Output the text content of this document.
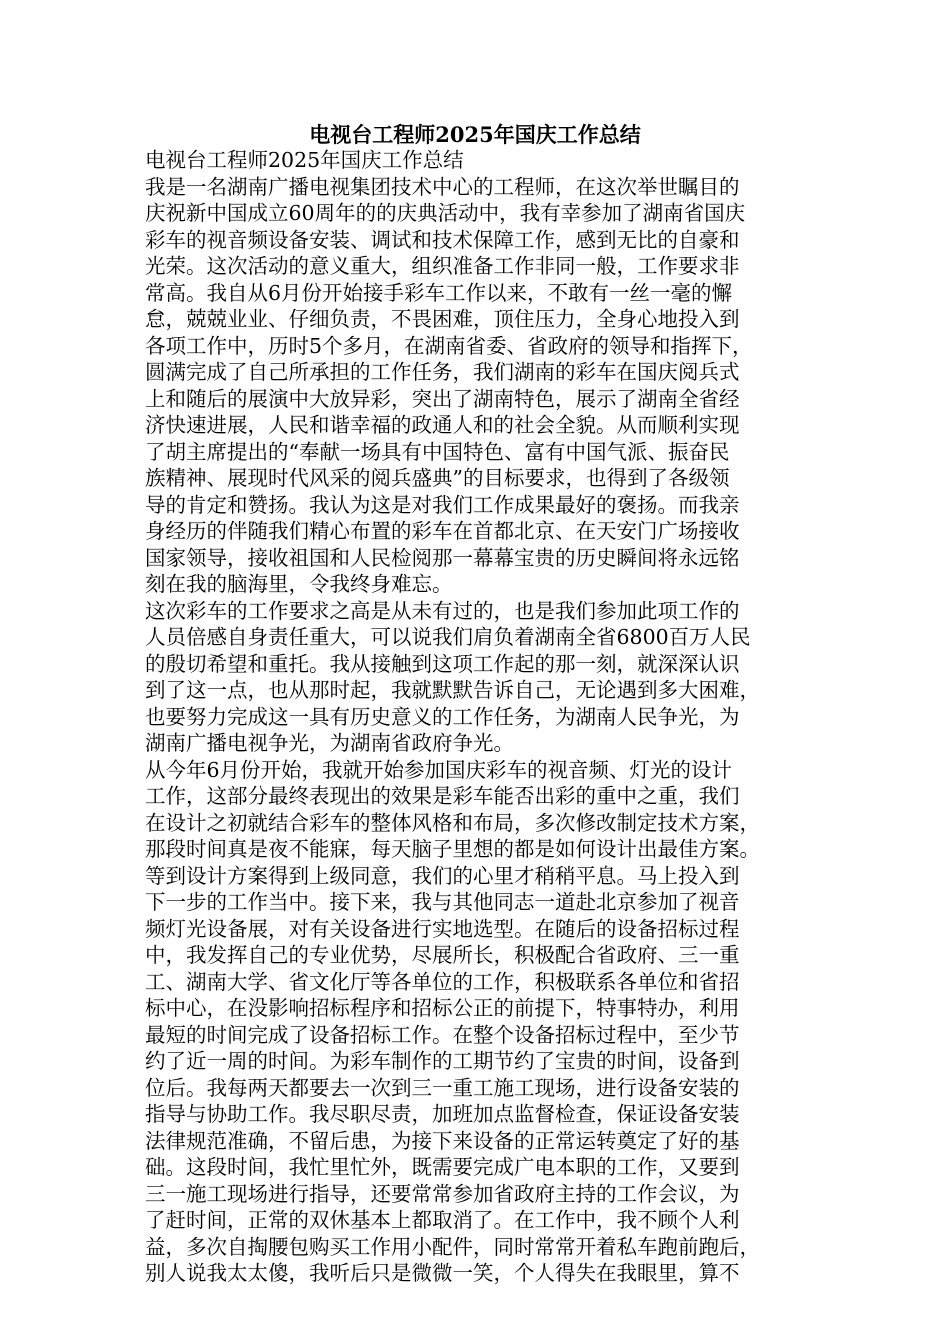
电视台工程师2025年国庆工作总结
电视台工程师2025年国庆工作总结
我是一名湖南广播电视集团技术中心的工程师，在这次举世瞩目的
庆祝新中国成立60周年的的庆典活动中，我有幸参加了湖南省国庆
彩车的视音频设备安装、调试和技术保障工作，感到无比的自豪和
光荣。这次活动的意义重大，组织准备工作非同一般，工作要求非
常高。我自从6月份开始接手彩车工作以来，不敢有一丝一毫的懈
怠，兢兢业业、仔细负责，不畏困难，顶住压力，全身心地投入到
各项工作中，历时5个多月，在湖南省委、省政府的领导和指挥下，
圆满完成了自己所承担的工作任务，我们湖南的彩车在国庆阅兵式
上和随后的展演中大放异彩，突出了湖南特色，展示了湖南全省经
济快速进展，人民和谐幸福的政通人和的社会全貌。从而顺利实现
了胡主席提出的“奉献一场具有中国特色、富有中国气派、振奋民
族精神、展现时代风采的阅兵盛典”的目标要求，也得到了各级领
导的肯定和赞扬。我认为这是对我们工作成果最好的褒扬。而我亲
身经历的伴随我们精心布置的彩车在首都北京、在天安门广场接收
国家领导，接收祖国和人民检阅那一幕幕宝贵的历史瞬间将永远铭
刻在我的脑海里，令我终身难忘。
这次彩车的工作要求之高是从未有过的，也是我们参加此项工作的
人员倍感自身责任重大，可以说我们肩负着湖南全省6800百万人民
的殷切希望和重托。我从接触到这项工作起的那一刻，就深深认识
到了这一点，也从那时起，我就默默告诉自己，无论遇到多大困难，
也要努力完成这一具有历史意义的工作任务，为湖南人民争光，为
湖南广播电视争光，为湖南省政府争光。
从今年6月份开始，我就开始参加国庆彩车的视音频、灯光的设计
工作，这部分最终表现出的效果是彩车能否出彩的重中之重，我们
在设计之初就结合彩车的整体风格和布局，多次修改制定技术方案，
那段时间真是夜不能寐，每天脑子里想的都是如何设计出最佳方案。
等到设计方案得到上级同意，我们的心里才稍稍平息。马上投入到
下一步的工作当中。接下来，我与其他同志一道赴北京参加了视音
频灯光设备展，对有关设备进行实地选型。在随后的设备招标过程
中，我发挥自己的专业优势，尽展所长，积极配合省政府、三一重
工、湖南大学、省文化厅等各单位的工作，积极联系各单位和省招
标中心，在没影响招标程序和招标公正的前提下，特事特办，利用
最短的时间完成了设备招标工作。在整个设备招标过程中，至少节
约了近一周的时间。为彩车制作的工期节约了宝贵的时间，设备到
位后。我每两天都要去一次到三一重工施工现场，进行设备安装的
指导与协助工作。我尽职尽责，加班加点监督检查，保证设备安装
法律规范准确，不留后患，为接下来设备的正常运转奠定了好的基
础。这段时间，我忙里忙外，既需要完成广电本职的工作，又要到
三一施工现场进行指导，还要常常参加省政府主持的工作会议，为
了赶时间，正常的双休基本上都取消了。在工作中，我不顾个人利
益，多次自掏腰包购买工作用小配件，同时常常开着私车跑前跑后，
别人说我太太傻，我听后只是微微一笑，个人得失在我眼里，算不
